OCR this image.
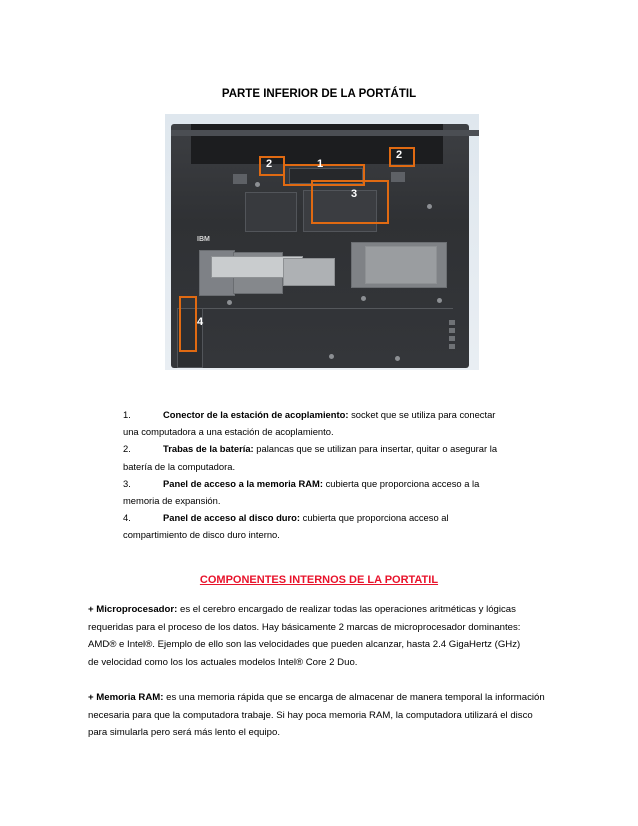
PARTE INFERIOR DE LA PORTÁTIL
IBM
2	1
2
3
4
1.	Conector de la estación de acoplamiento: socket que se utiliza para conectar
una computadora a una estación de acoplamiento.
2.	Trabas de la batería: palancas que se utilizan para insertar, quitar o asegurar la
batería de la computadora.
3.	Panel de acceso a la memoria RAM: cubierta que proporciona acceso a la
memoria de expansión.
4.	Panel de acceso al disco duro: cubierta que proporciona acceso al
compartimiento de disco duro interno.
COMPONENTES INTERNOS DE LA PORTATIL
+ Microprocesador: es el cerebro encargado de realizar todas las operaciones aritméticas y lógicas
requeridas para el proceso de los datos. Hay básicamente 2 marcas de microprocesador dominantes:
AMD® e Intel®. Ejemplo de ello son las velocidades que pueden alcanzar, hasta 2.4 GigaHertz (GHz)
de velocidad como los los actuales modelos Intel® Core 2 Duo.
+ Memoria RAM: es una memoria rápida que se encarga de almacenar de manera temporal la información
necesaria para que la computadora trabaje. Si hay poca memoria RAM, la computadora utilizará el disco
para simularla pero será más lento el equipo.
